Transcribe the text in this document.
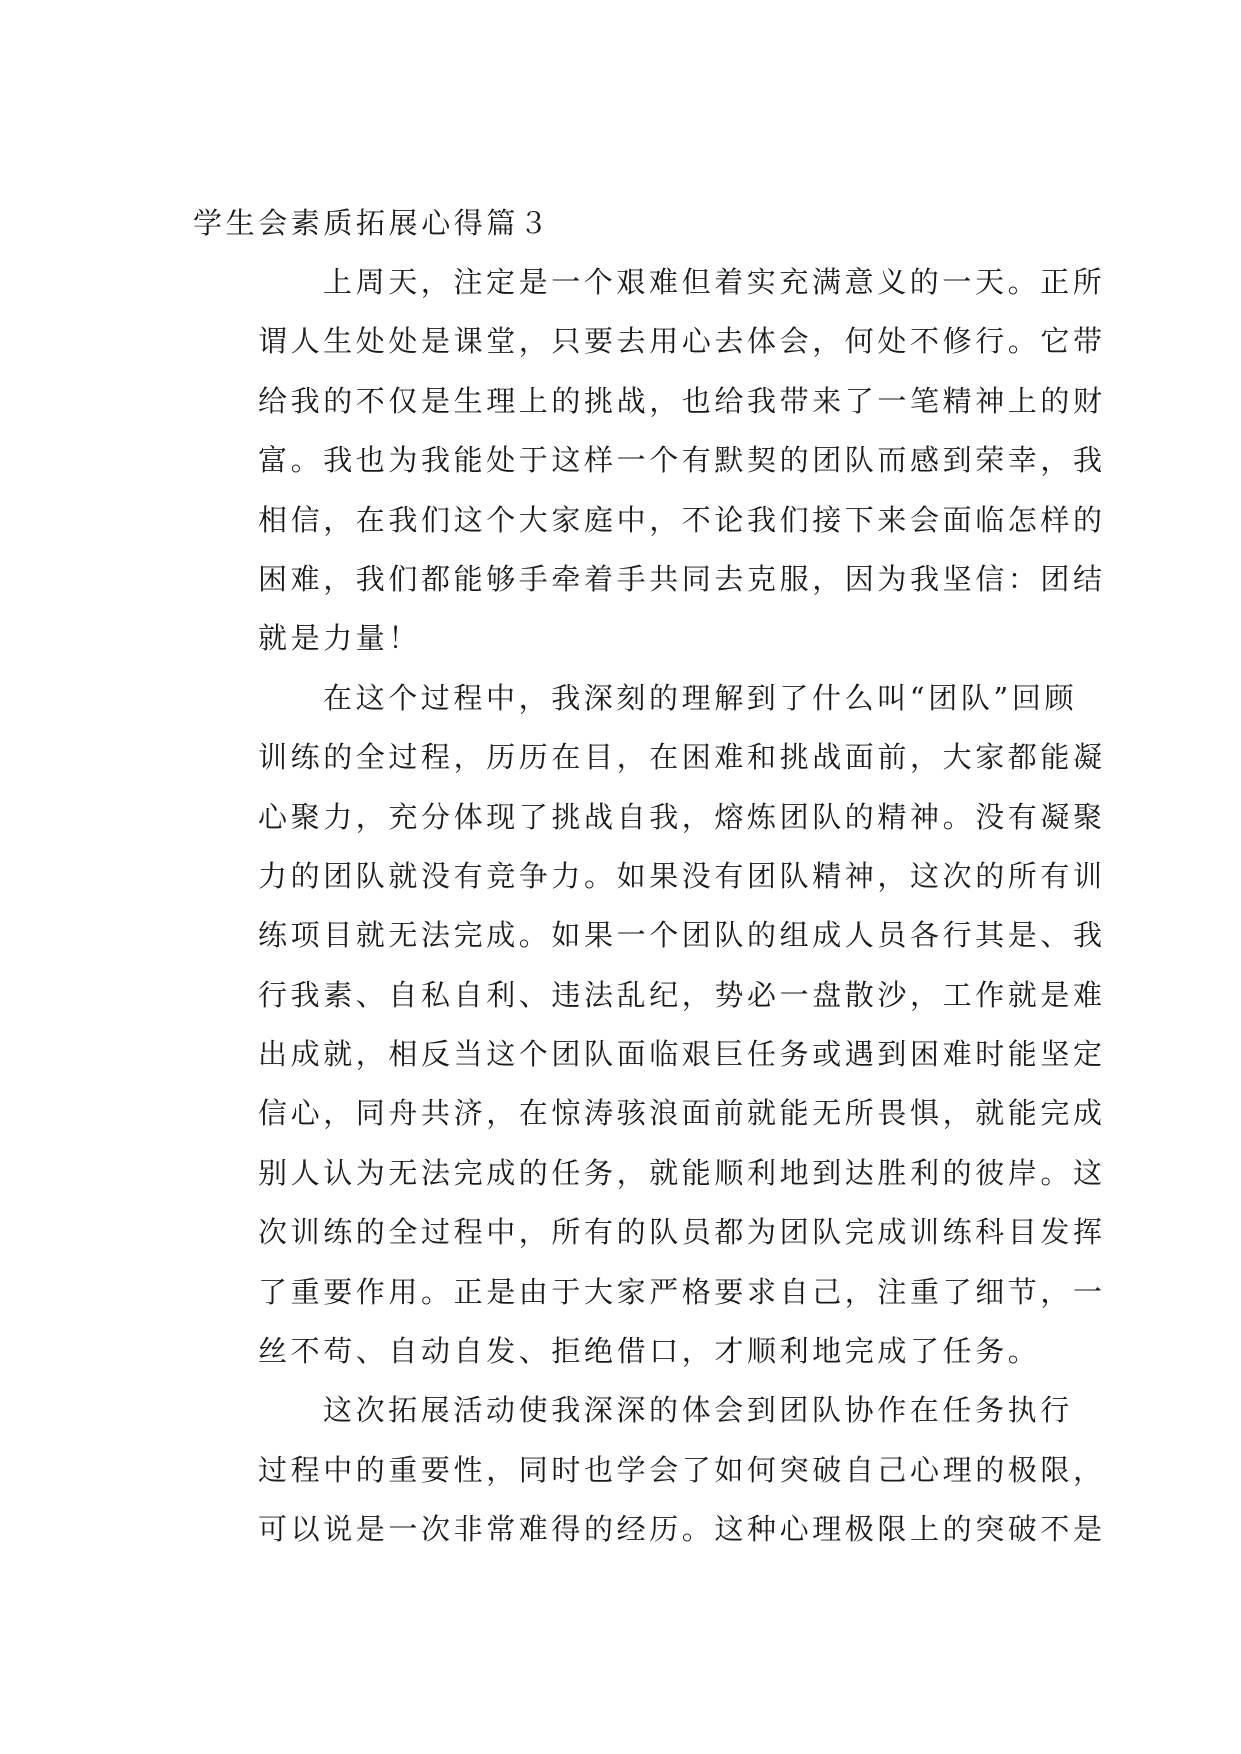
学生会素质拓展心得篇３
上周天，注定是一个艰难但着实充满意义的一天。正所
谓人生处处是课堂，只要去用心去体会，何处不修行。它带
给我的不仅是生理上的挑战，也给我带来了一笔精神上的财
富。我也为我能处于这样一个有默契的团队而感到荣幸，我
相信，在我们这个大家庭中，不论我们接下来会面临怎样的
困难，我们都能够手牵着手共同去克服，因为我坚信：团结
就是力量！
在这个过程中，我深刻的理解到了什么叫“团队”回顾
训练的全过程，历历在目，在困难和挑战面前，大家都能凝
心聚力，充分体现了挑战自我，熔炼团队的精神。没有凝聚
力的团队就没有竞争力。如果没有团队精神，这次的所有训
练项目就无法完成。如果一个团队的组成人员各行其是、我
行我素、自私自利、违法乱纪，势必一盘散沙，工作就是难
出成就，相反当这个团队面临艰巨任务或遇到困难时能坚定
信心，同舟共济，在惊涛骇浪面前就能无所畏惧，就能完成
别人认为无法完成的任务，就能顺利地到达胜利的彼岸。这
次训练的全过程中，所有的队员都为团队完成训练科目发挥
了重要作用。正是由于大家严格要求自己，注重了细节，一
丝不苟、自动自发、拒绝借口，才顺利地完成了任务。
这次拓展活动使我深深的体会到团队协作在任务执行
过程中的重要性，同时也学会了如何突破自己心理的极限，
可以说是一次非常难得的经历。这种心理极限上的突破不是
